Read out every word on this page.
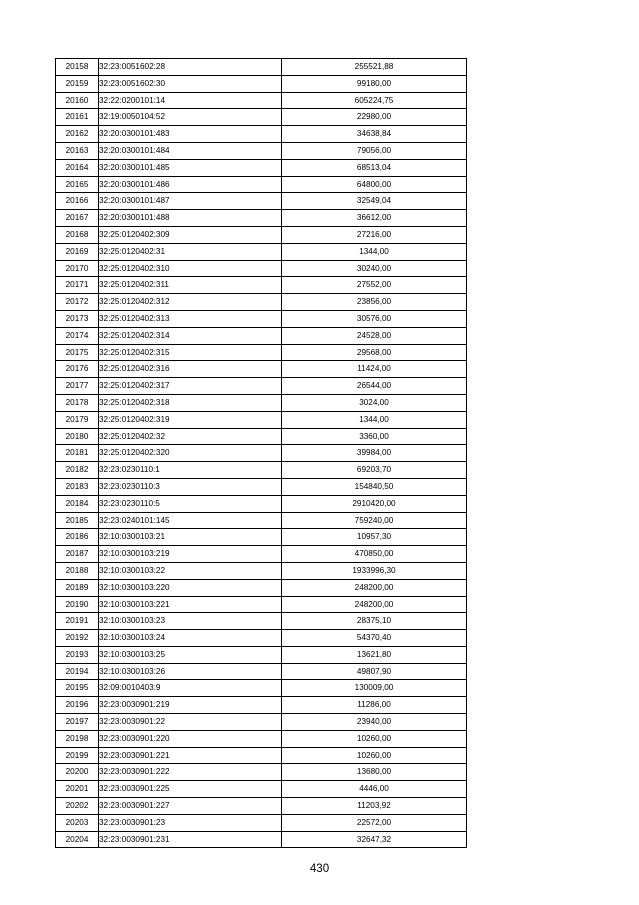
20158	32:23:0051602:28	255521,88
20159	32:23:0051602:30	99180,00
20160	32:22:0200101:14	605224,75
20161	32:19:0050104:52	22980,00
20162	32:20:0300101:483	34638,84
20163	32:20:0300101:484	79056,00
20164	32:20:0300101:485	68513,04
20165	32:20:0300101:486	64800,00
20166	32:20:0300101:487	32549,04
20167	32:20:0300101:488	36612,00
20168	32:25:0120402:309	27216,00
20169	32:25:0120402:31	1344,00
20170	32:25:0120402:310	30240,00
20171	32:25:0120402:311	27552,00
20172	32:25:0120402:312	23856,00
20173	32:25:0120402:313	30576,00
20174	32:25:0120402:314	24528,00
20175	32:25:0120402:315	29568,00
20176	32:25:0120402:316	11424,00
20177	32:25:0120402:317	26544,00
20178	32:25:0120402:318	3024,00
20179	32:25:0120402:319	1344,00
20180	32:25:0120402:32	3360,00
20181	32:25:0120402:320	39984,00
20182	32:23:0230110:1	69203,70
20183	32:23:0230110:3	154840,50
20184	32:23:0230110:5	2910420,00
20185	32:23:0240101:145	759240,00
20186	32:10:0300103:21	10957,30
20187	32:10:0300103:219	470850,00
20188	32:10:0300103:22	1933996,30
20189	32:10:0300103:220	248200,00
20190	32:10:0300103:221	248200,00
20191	32:10:0300103:23	28375,10
20192	32:10:0300103:24	54370,40
20193	32:10:0300103:25	13621,80
20194	32:10:0300103:26	49807,90
20195	32:09:0010403:9	130009,00
20196	32:23:0030901:219	11286,00
20197	32:23:0030901:22	23940,00
20198	32:23:0030901:220	10260,00
20199	32:23:0030901:221	10260,00
20200	32:23:0030901:222	13680,00
20201	32:23:0030901:225	4446,00
20202	32:23:0030901:227	11203,92
20203	32:23:0030901:23	22572,00
20204	32:23:0030901:231	32647,32
430
